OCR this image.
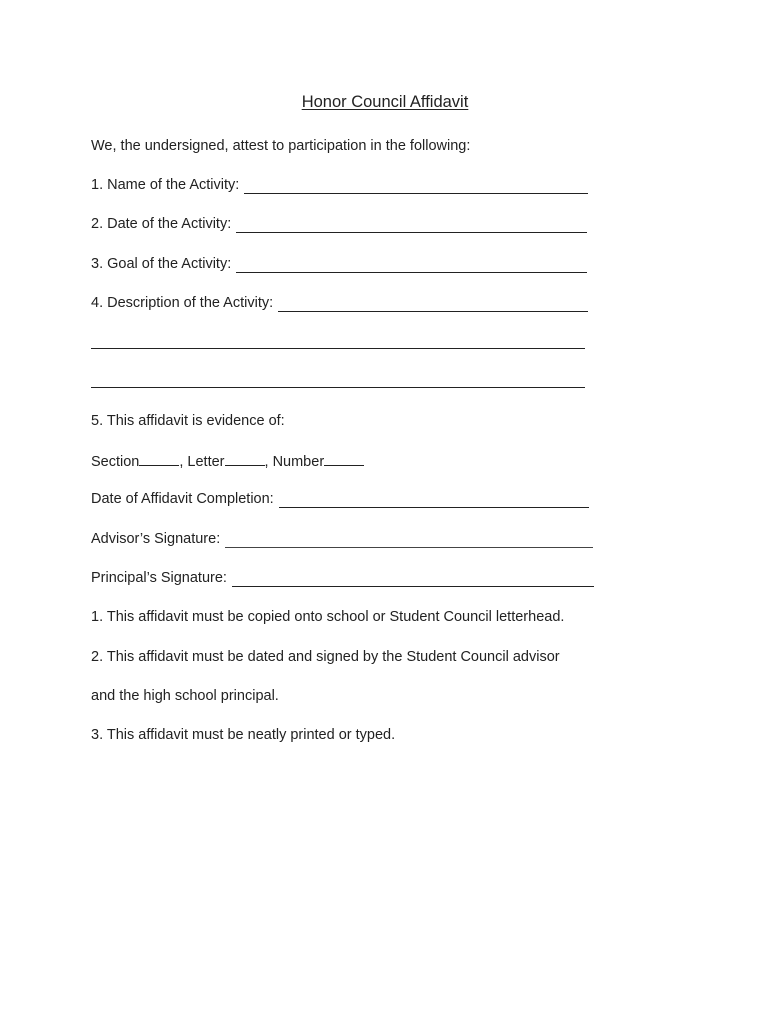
Honor Council Affidavit
We, the undersigned, attest to participation in the following:
1. Name of the Activity:
2. Date of the Activity:
3. Goal of the Activity:
4. Description of the Activity:
5. This affidavit is evidence of:
Section	, Letter	, Number
Date of Affidavit Completion:
Advisor’s Signature:
Principal’s Signature:
1. This affidavit must be copied onto school or Student Council letterhead.
2. This affidavit must be dated and signed by the Student Council advisor
and the high school principal.
3. This affidavit must be neatly printed or typed.
